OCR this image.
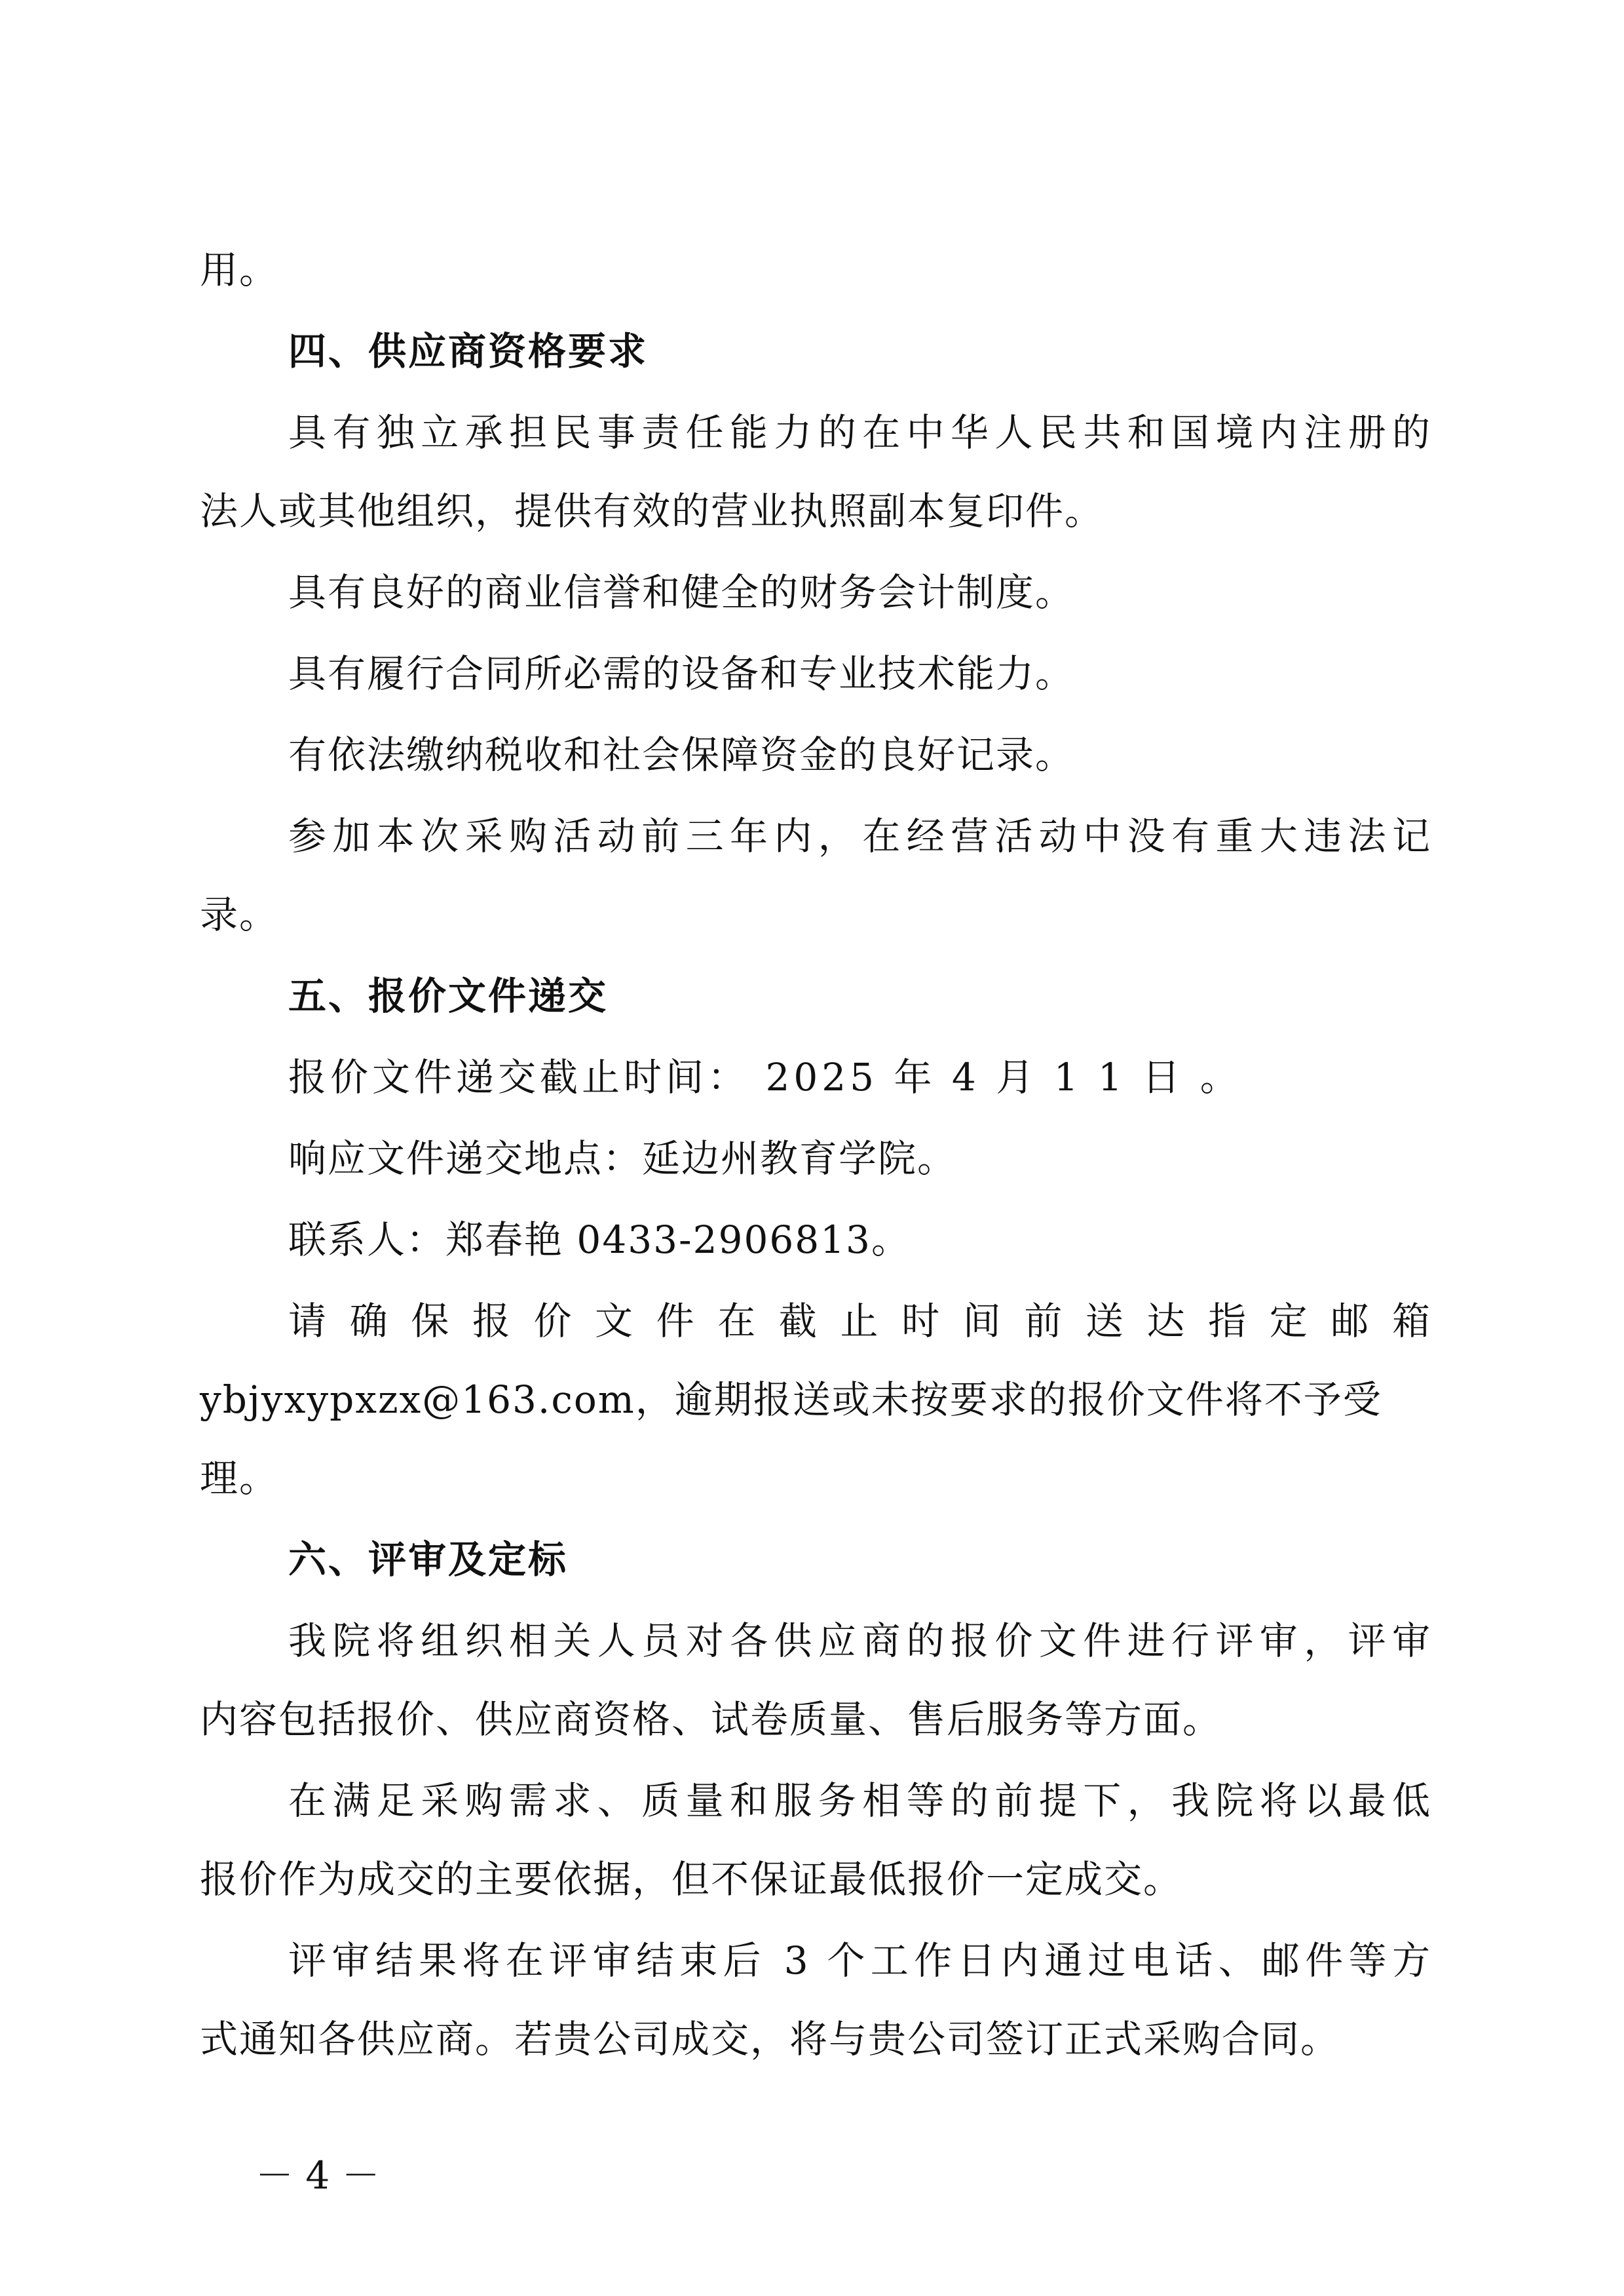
用。
四、供应商资格要求
具有独立承担民事责任能力的在中华人民共和国境内注册的
法人或其他组织，提供有效的营业执照副本复印件。
具有良好的商业信誉和健全的财务会计制度。
具有履行合同所必需的设备和专业技术能力。
有依法缴纳税收和社会保障资金的良好记录。
参加本次采购活动前三年内，在经营活动中没有重大违法记
录。
五、报价文件递交
报价文件递交截止时间： 2025 年 4 月 1 1 日 。
响应文件递交地点：延边州教育学院。
联系人：郑春艳 0433-2906813。
请确保报价文件在截止时间前送达指定邮箱
ybjyxypxzx@163.com，逾期报送或未按要求的报价文件将不予受
理。
六、评审及定标
我院将组织相关人员对各供应商的报价文件进行评审，评审
内容包括报价、供应商资格、试卷质量、售后服务等方面。
在满足采购需求、质量和服务相等的前提下，我院将以最低
报价作为成交的主要依据，但不保证最低报价一定成交。
评审结果将在评审结束后 3 个工作日内通过电话、邮件等方
式通知各供应商。若贵公司成交，将与贵公司签订正式采购合同。
－ 4 －
